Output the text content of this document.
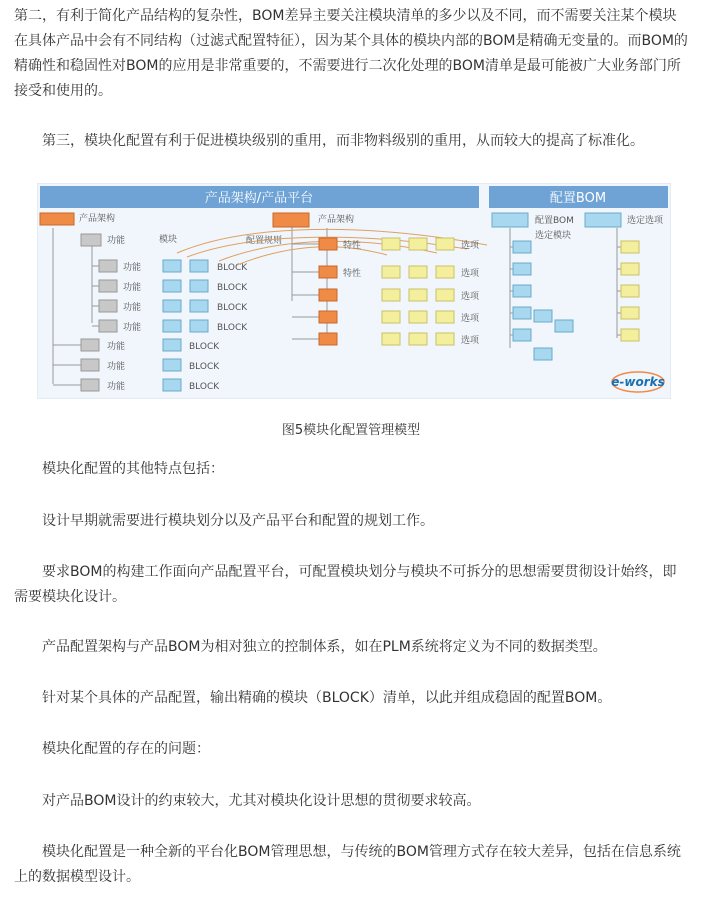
第二，有利于简化产品结构的复杂性，BOM差异主要关注模块清单的多少以及不同，而不需要关注某个模块在具体产品中会有不同结构（过滤式配置特征），因为某个具体的模块内部的BOM是精确无变量的。而BOM的精确性和稳固性对BOM的应用是非常重要的，不需要进行二次化处理的BOM清单是最可能被广大业务部门所接受和使用的。

第三，模块化配置有利于促进模块级别的重用，而非物料级别的重用，从而较大的提高了标准化。

产品架构/产品平台	配置BOM
产品架构
功能	模块
功能	BLOCK
功能	BLOCK
功能	BLOCK
功能	BLOCK
功能	BLOCK
功能	BLOCK
功能	BLOCK
产品架构
配置规则	特性	选项
特性	选项
选项
选项
选项
配置BOM
选定模块
选定选项
e-works

图5模块化配置管理模型

模块化配置的其他特点包括：

设计早期就需要进行模块划分以及产品平台和配置的规划工作。

要求BOM的构建工作面向产品配置平台，可配置模块划分与模块不可拆分的思想需要贯彻设计始终，即需要模块化设计。

产品配置架构与产品BOM为相对独立的控制体系，如在PLM系统将定义为不同的数据类型。

针对某个具体的产品配置，输出精确的模块（BLOCK）清单，以此并组成稳固的配置BOM。

模块化配置的存在的问题：

对产品BOM设计的约束较大，尤其对模块化设计思想的贯彻要求较高。

模块化配置是一种全新的平台化BOM管理思想，与传统的BOM管理方式存在较大差异，包括在信息系统上的数据模型设计。
